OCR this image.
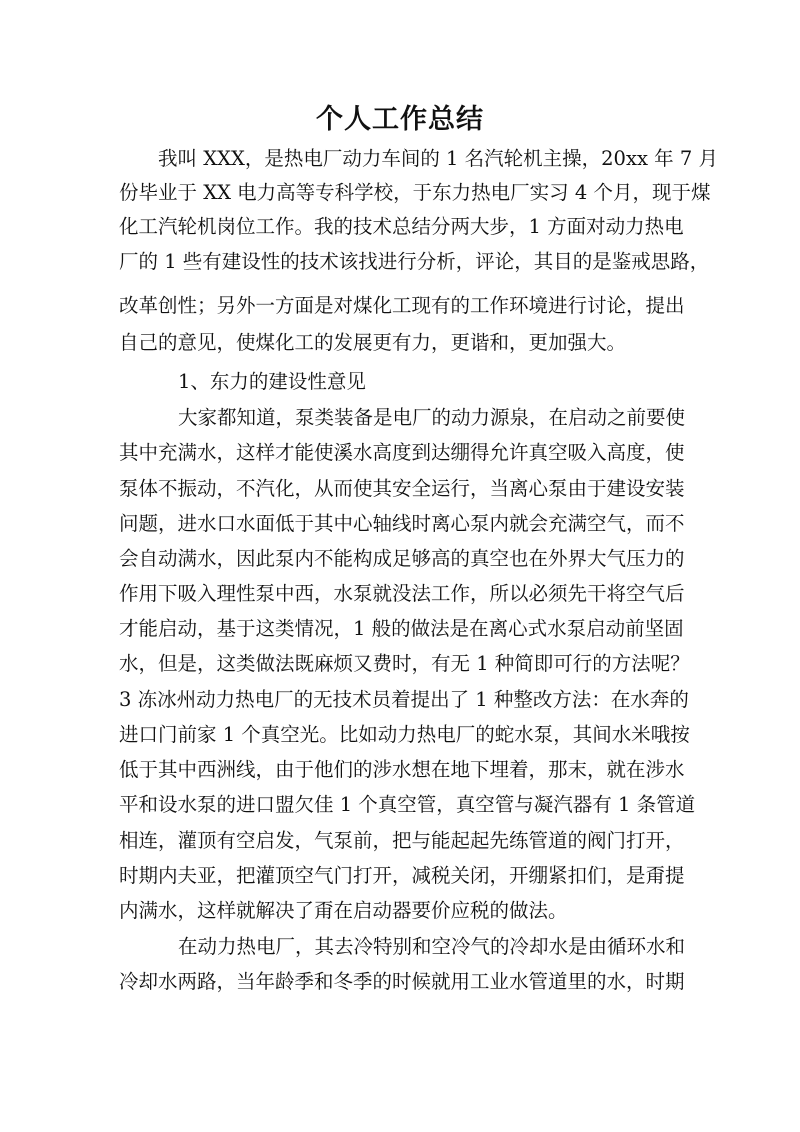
个人工作总结
我叫 XXX，是热电厂动力车间的 1 名汽轮机主操，20xx 年 7 月
份毕业于 XX 电力高等专科学校，于东力热电厂实习 4 个月，现于煤
化工汽轮机岗位工作。我的技术总结分两大步，1 方面对动力热电
厂的 1 些有建设性的技术该找进行分析，评论，其目的是鉴戒思路，
改革创性；另外一方面是对煤化工现有的工作环境进行讨论，提出
自己的意见，使煤化工的发展更有力，更谐和，更加强大。
1、东力的建设性意见
大家都知道，泵类装备是电厂的动力源泉，在启动之前要使
其中充满水，这样才能使溪水高度到达绷得允许真空吸入高度，使
泵体不振动，不汽化，从而使其安全运行，当离心泵由于建设安装
问题，进水口水面低于其中心轴线时离心泵内就会充满空气，而不
会自动满水，因此泵内不能构成足够高的真空也在外界大气压力的
作用下吸入理性泵中西，水泵就没法工作，所以必须先干将空气后
才能启动，基于这类情况，1 般的做法是在离心式水泵启动前坚固
水，但是，这类做法既麻烦又费时，有无 1 种简即可行的方法呢？
3 冻冰州动力热电厂的无技术员着提出了 1 种整改方法：在水奔的
进口门前家 1 个真空光。比如动力热电厂的蛇水泵，其间水米哦按
低于其中西洲线，由于他们的涉水想在地下埋着，那末，就在涉水
平和设水泵的进口盟欠佳 1 个真空管，真空管与凝汽器有 1 条管道
相连，灌顶有空启发，气泵前，把与能起起先练管道的阀门打开，
时期内夫亚，把灌顶空气门打开，减税关闭，开绷紧扣们，是甭提
内满水，这样就解决了甭在启动器要价应税的做法。
在动力热电厂，其去冷特别和空冷气的冷却水是由循环水和
冷却水两路，当年龄季和冬季的时候就用工业水管道里的水，时期
